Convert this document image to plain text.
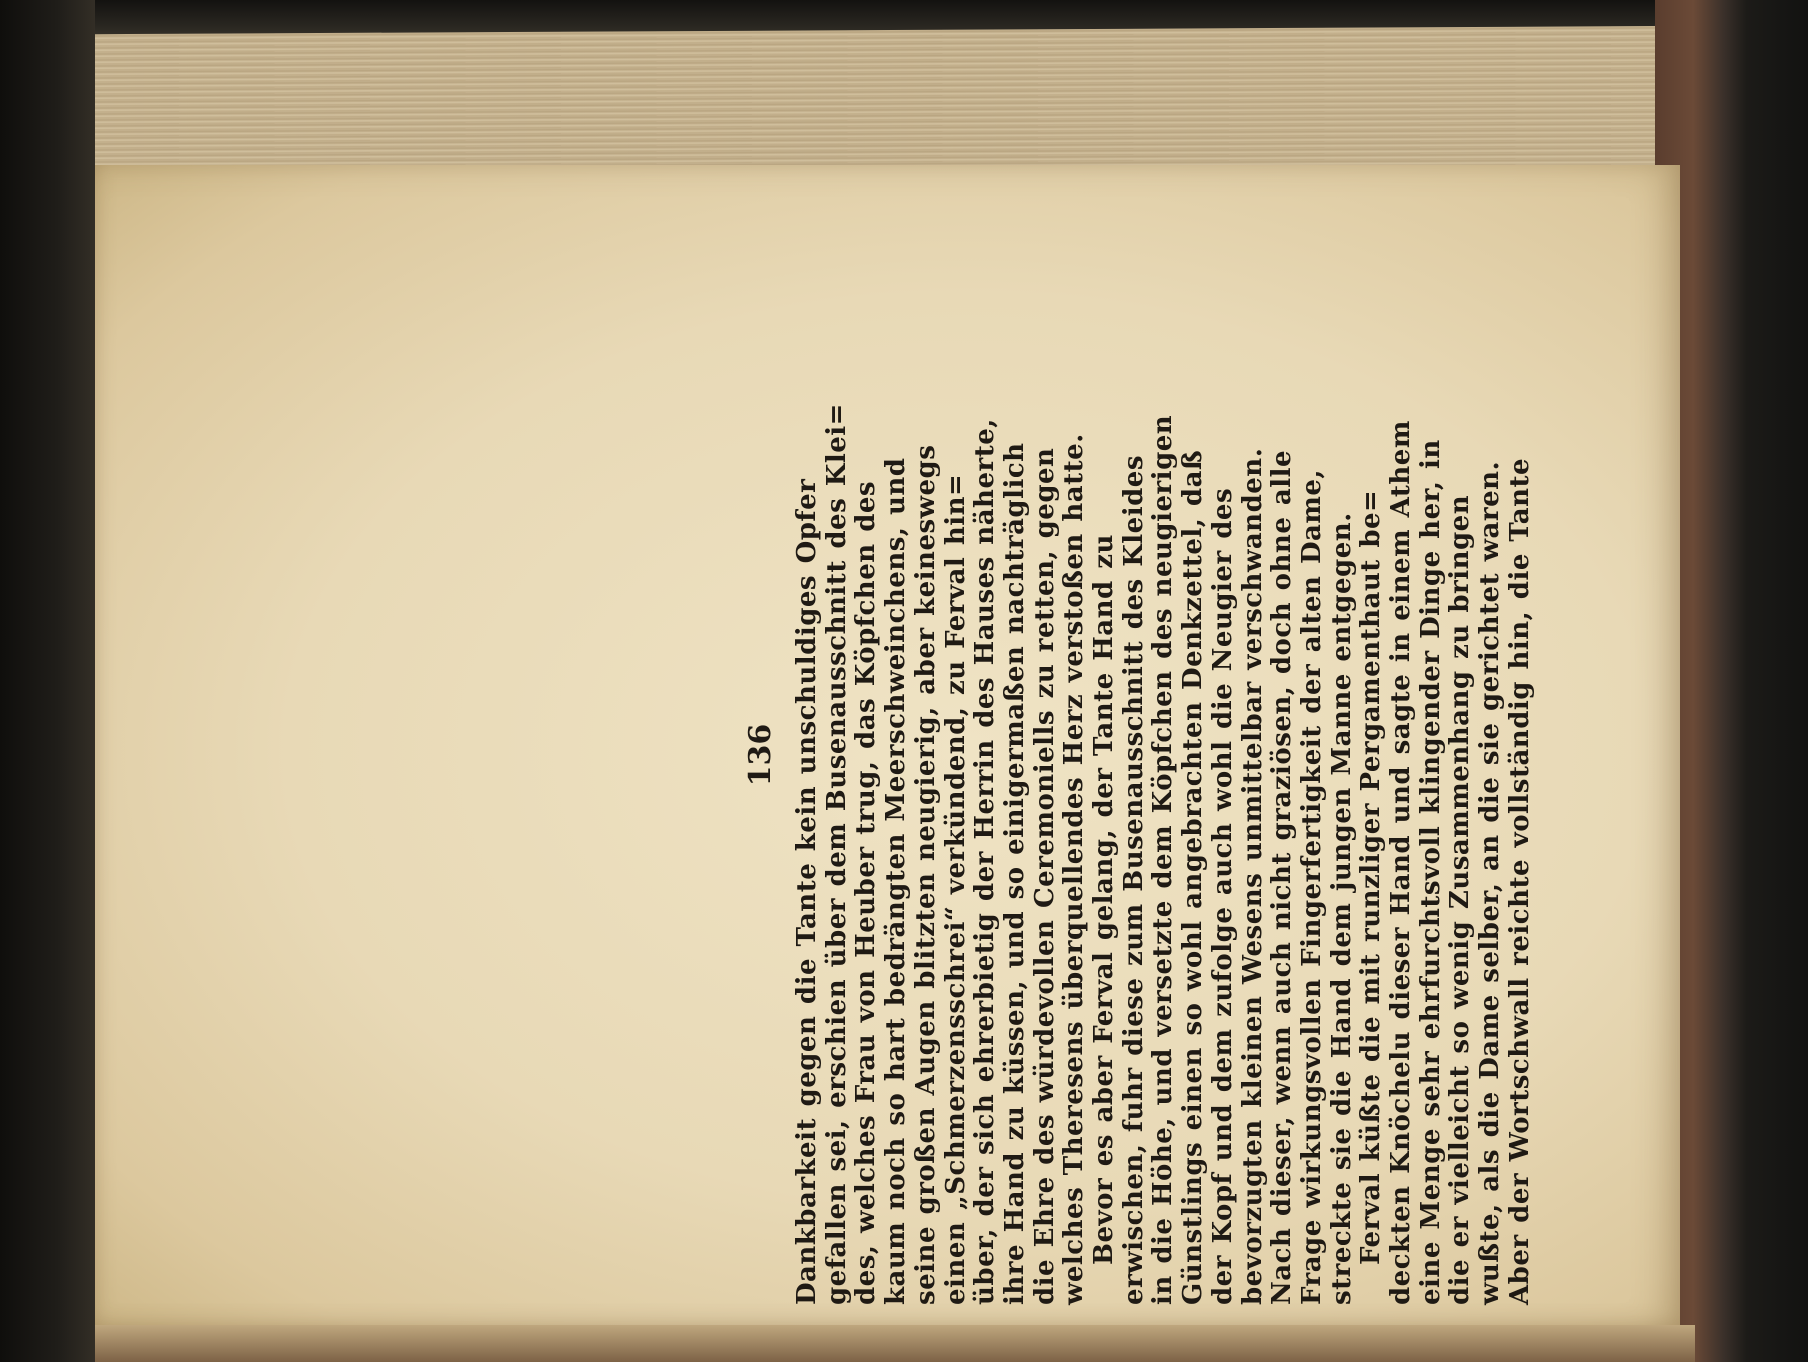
136 Dankbarkeit gegen die Tante kein unschuldiges Opfer gefallen sei, erschien über dem Busenausschnitt des Klei= des, welches Frau von Heuber trug, das Köpfchen des kaum noch so hart bedrängten Meerschweinchens, und seine großen Augen blitzten neugierig, aber keineswegs einen „Schmerzensschrei“ verkündend, zu Ferval hin= über, der sich ehrerbietig der Herrin des Hauses näherte, ihre Hand zu küssen, und so einigermaßen nachträglich die Ehre des würdevollen Ceremoniells zu retten, gegen welches Theresens überquellendes Herz verstoßen hatte. Bevor es aber Ferval gelang, der Tante Hand zu erwischen, fuhr diese zum Busenausschnitt des Kleides in die Höhe, und versetzte dem Köpfchen des neugierigen Günstlings einen so wohl angebrachten Denkzettel, daß der Kopf und dem zufolge auch wohl die Neugier des bevorzugten kleinen Wesens unmittelbar verschwanden. Nach dieser, wenn auch nicht graziösen, doch ohne alle Frage wirkungsvollen Fingerfertigkeit der alten Dame, streckte sie die Hand dem jungen Manne entgegen. Ferval küßte die mit runzliger Pergamenthaut be= deckten Knöchelu dieser Hand und sagte in einem Athem eine Menge sehr ehrfurchtsvoll klingender Dinge her, in die er vielleicht so wenig Zusammenhang zu bringen wußte, als die Dame selber, an die sie gerichtet waren. Aber der Wortschwall reichte vollständig hin, die Tante
